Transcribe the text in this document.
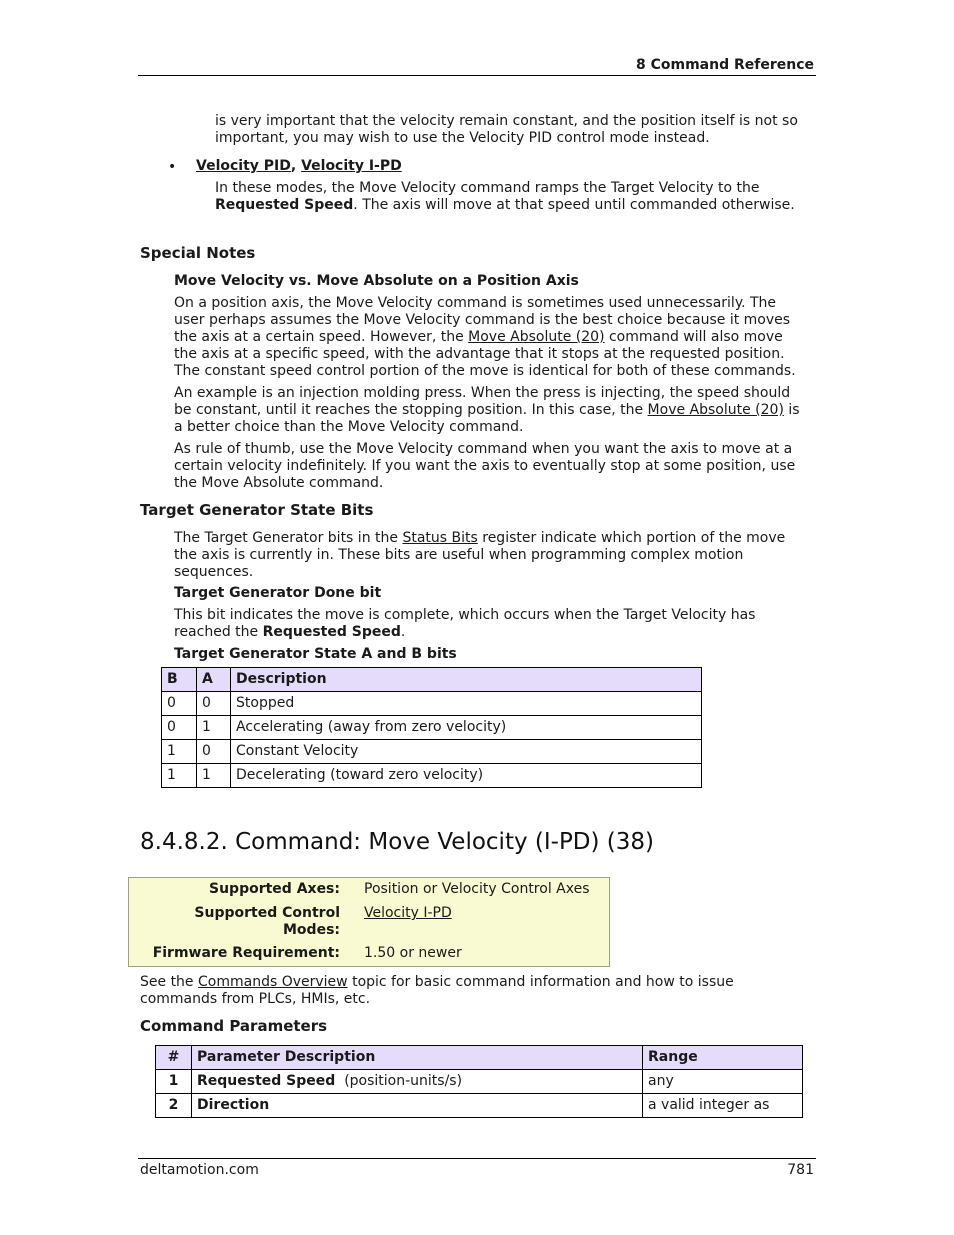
8 Command Reference

is very important that the velocity remain constant, and the position itself is not so important, you may wish to use the Velocity PID control mode instead.

• Velocity PID, Velocity I-PD

In these modes, the Move Velocity command ramps the Target Velocity to the Requested Speed. The axis will move at that speed until commanded otherwise.

Special Notes
Move Velocity vs. Move Absolute on a Position Axis

On a position axis, the Move Velocity command is sometimes used unnecessarily. The user perhaps assumes the Move Velocity command is the best choice because it moves the axis at a certain speed. However, the Move Absolute (20) command will also move the axis at a specific speed, with the advantage that it stops at the requested position. The constant speed control portion of the move is identical for both of these commands.

An example is an injection molding press. When the press is injecting, the speed should be constant, until it reaches the stopping position. In this case, the Move Absolute (20) is a better choice than the Move Velocity command.

As rule of thumb, use the Move Velocity command when you want the axis to move at a certain velocity indefinitely. If you want the axis to eventually stop at some position, use the Move Absolute command.

Target Generator State Bits

The Target Generator bits in the Status Bits register indicate which portion of the move the axis is currently in. These bits are useful when programming complex motion sequences.

Target Generator Done bit

This bit indicates the move is complete, which occurs when the Target Velocity has reached the Requested Speed.

Target Generator State A and B bits
B	A	Description
0	0	Stopped
0	1	Accelerating (away from zero velocity)
1	0	Constant Velocity
1	1	Decelerating (toward zero velocity)
8.4.8.2. Command: Move Velocity (I-PD) (38)
Supported Axes:	Position or Velocity Control Axes
Supported Control Modes:	Velocity I-PD
Firmware Requirement:	1.50 or newer

See the Commands Overview topic for basic command information and how to issue commands from PLCs, HMIs, etc.

Command Parameters
#	Parameter Description	Range
1	Requested Speed  (position-units/s)	any
2	Direction	a valid integer as
deltamotion.com	781
